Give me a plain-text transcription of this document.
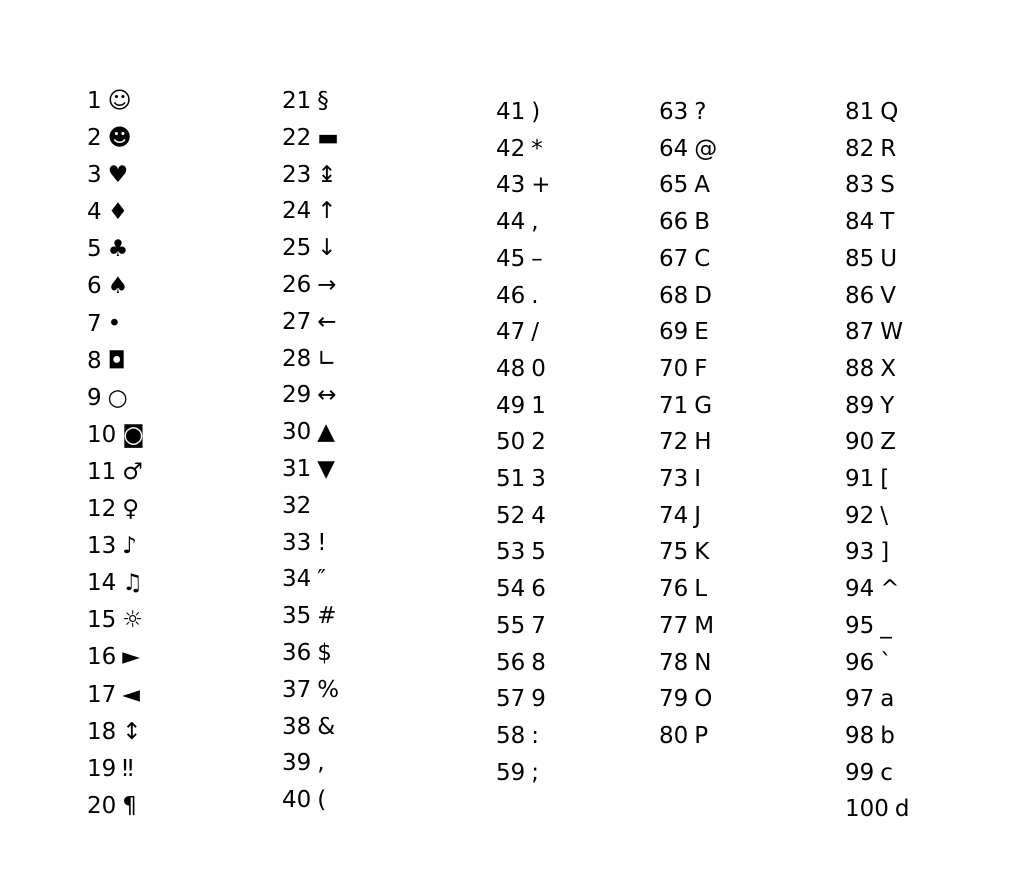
1 ☺
2 ☻
3 ♥
4 ♦
5 ♣
6 ♠
7 •
8 ◘
9 ○
10 ◙
11 ♂
12 ♀
13 ♪
14 ♫
15 ☼
16 ►
17 ◄
18 ↕
19 ‼
20 ¶
21 §
22 ▬
23 ↨
24 ↑
25 ↓
26 →
27 ←
28 ∟
29 ↔
30 ▲
31 ▼
32
33 !
34 ″
35 #
36 $
37 %
38 &
39 ,
40 (
41 )
42 *
43 +
44 ,
45 –
46 .
47 /
48 0
49 1
50 2
51 3
52 4
53 5
54 6
55 7
56 8
57 9
58 :
59 ;
63 ?
64 @
65 A
66 B
67 C
68 D
69 E
70 F
71 G
72 H
73 I
74 J
75 K
76 L
77 M
78 N
79 O
80 P
81 Q
82 R
83 S
84 T
85 U
86 V
87 W
88 X
89 Y
90 Z
91 [
92 \
93 ]
94 ^
95 _
96 `
97 a
98 b
99 c
100 d
